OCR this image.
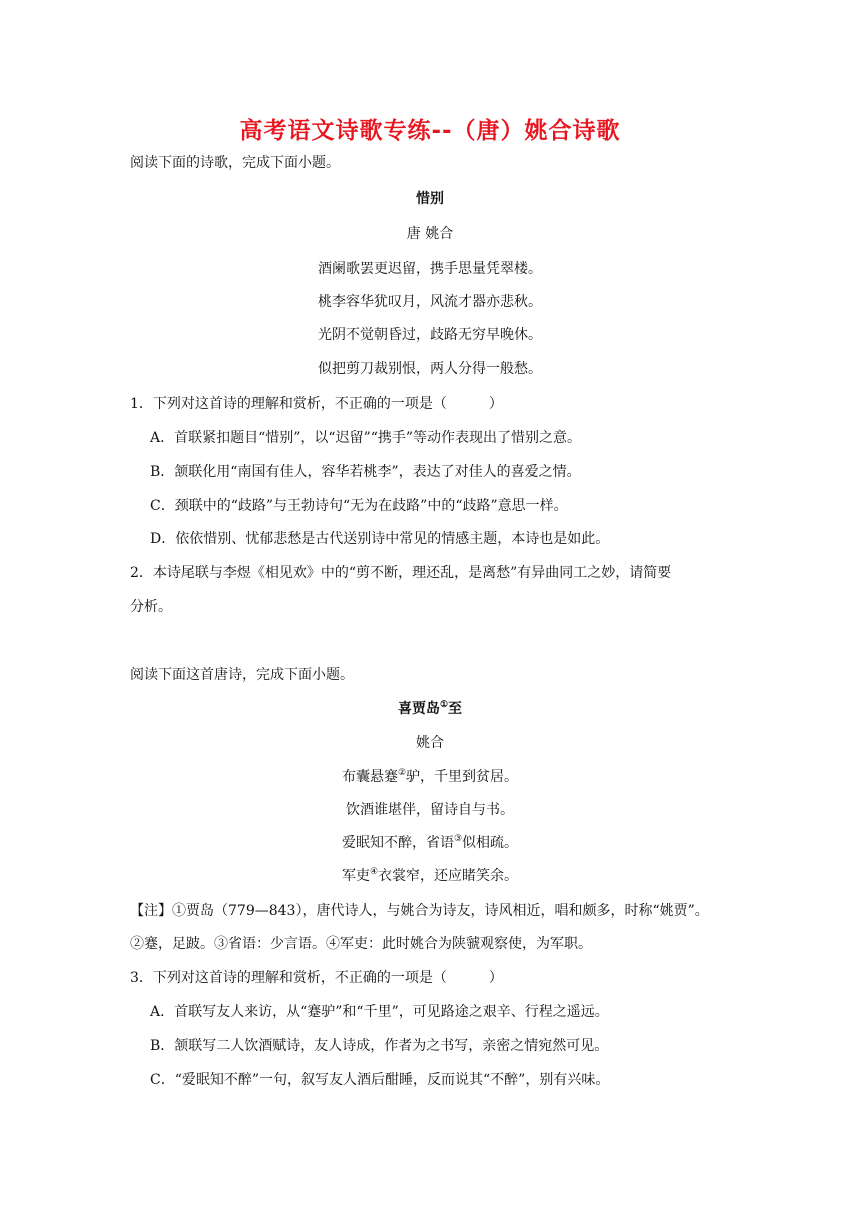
高考语文诗歌专练--（唐）姚合诗歌
阅读下面的诗歌，完成下面小题。
惜别
唐 姚合
酒阑歌罢更迟留，携手思量凭翠楼。
桃李容华犹叹月，风流才器亦悲秋。
光阴不觉朝昏过，歧路无穷早晚休。
似把剪刀裁别恨，两人分得一般愁。
1．下列对这首诗的理解和赏析，不正确的一项是（　　　）
A．首联紧扣题目“惜别”，以“迟留”“携手”等动作表现出了惜别之意。
B．颔联化用“南国有佳人，容华若桃李”，表达了对佳人的喜爱之情。
C．颈联中的“歧路”与王勃诗句“无为在歧路”中的“歧路”意思一样。
D．依依惜别、忧郁悲愁是古代送别诗中常见的情感主题，本诗也是如此。
2．本诗尾联与李煜《相见欢》中的“剪不断，理还乱，是离愁”有异曲同工之妙，请简要
分析。
阅读下面这首唐诗，完成下面小题。
喜贾岛①至
姚合
布囊悬蹇②驴，千里到贫居。
饮酒谁堪伴，留诗自与书。
爱眠知不醉，省语③似相疏。
军吏④衣裳窄，还应睹笑余。
【注】①贾岛（779—843），唐代诗人，与姚合为诗友，诗风相近，唱和颇多，时称“姚贾”。
②蹇，足跛。③省语：少言语。④军吏：此时姚合为陕虢观察使，为军职。
3．下列对这首诗的理解和赏析，不正确的一项是（　　　）
A．首联写友人来访，从“蹇驴”和“千里”，可见路途之艰辛、行程之遥远。
B．颔联写二人饮酒赋诗，友人诗成，作者为之书写，亲密之情宛然可见。
C．“爱眠知不醉”一句，叙写友人酒后酣睡，反而说其“不醉”，别有兴味。
